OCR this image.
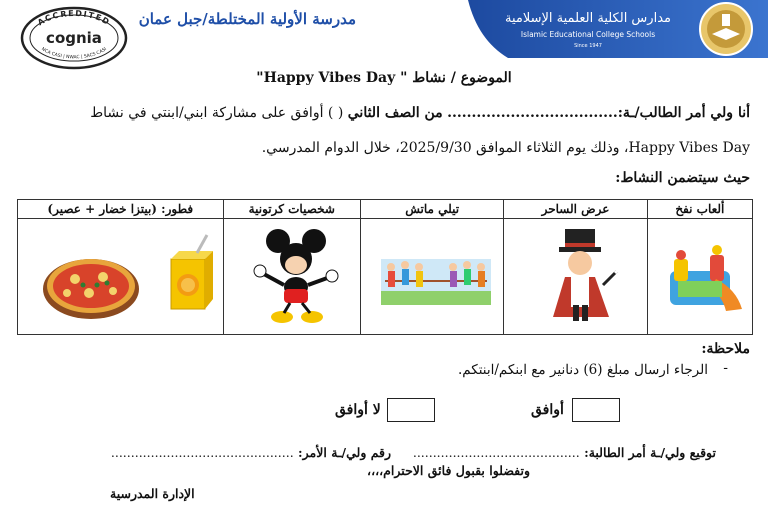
ACCREDITED
cognia
NCA CASI | NWAC | SACS CASI
مدرسة الأولية المختلطة/جبل عمان	مدارس الكلية العلمية الإسلامية
Islamic Educational College Schools
Since 1947
الموضوع / نشاط " Happy Vibes Day"
أنا ولي أمر الطالب/ـة:................................... من الصف الثاني ( ) أوافق على مشاركة ابني/ابنتي في نشاط
Happy Vibes Day، وذلك يوم الثلاثاء الموافق 2025/9/30، خلال الدوام المدرسي.
حيث سيتضمن النشاط:
ألعاب نفخ	عرض الساحر	تيلي ماتش	شخصيات كرتونية	فطور: (بيتزا خضار + عصير)

ملاحظة:
-
الرجاء ارسال مبلغ (6) دنانير مع ابنكم/ابنتكم.
أوافق
لا أوافق
توقيع ولي/ـة أمر الطالبة: ..........................................     رقم ولي/ـة الأمر: ..............................................
وتفضلوا بقبول فائق الاحترام،،،،
الإدارة المدرسية
